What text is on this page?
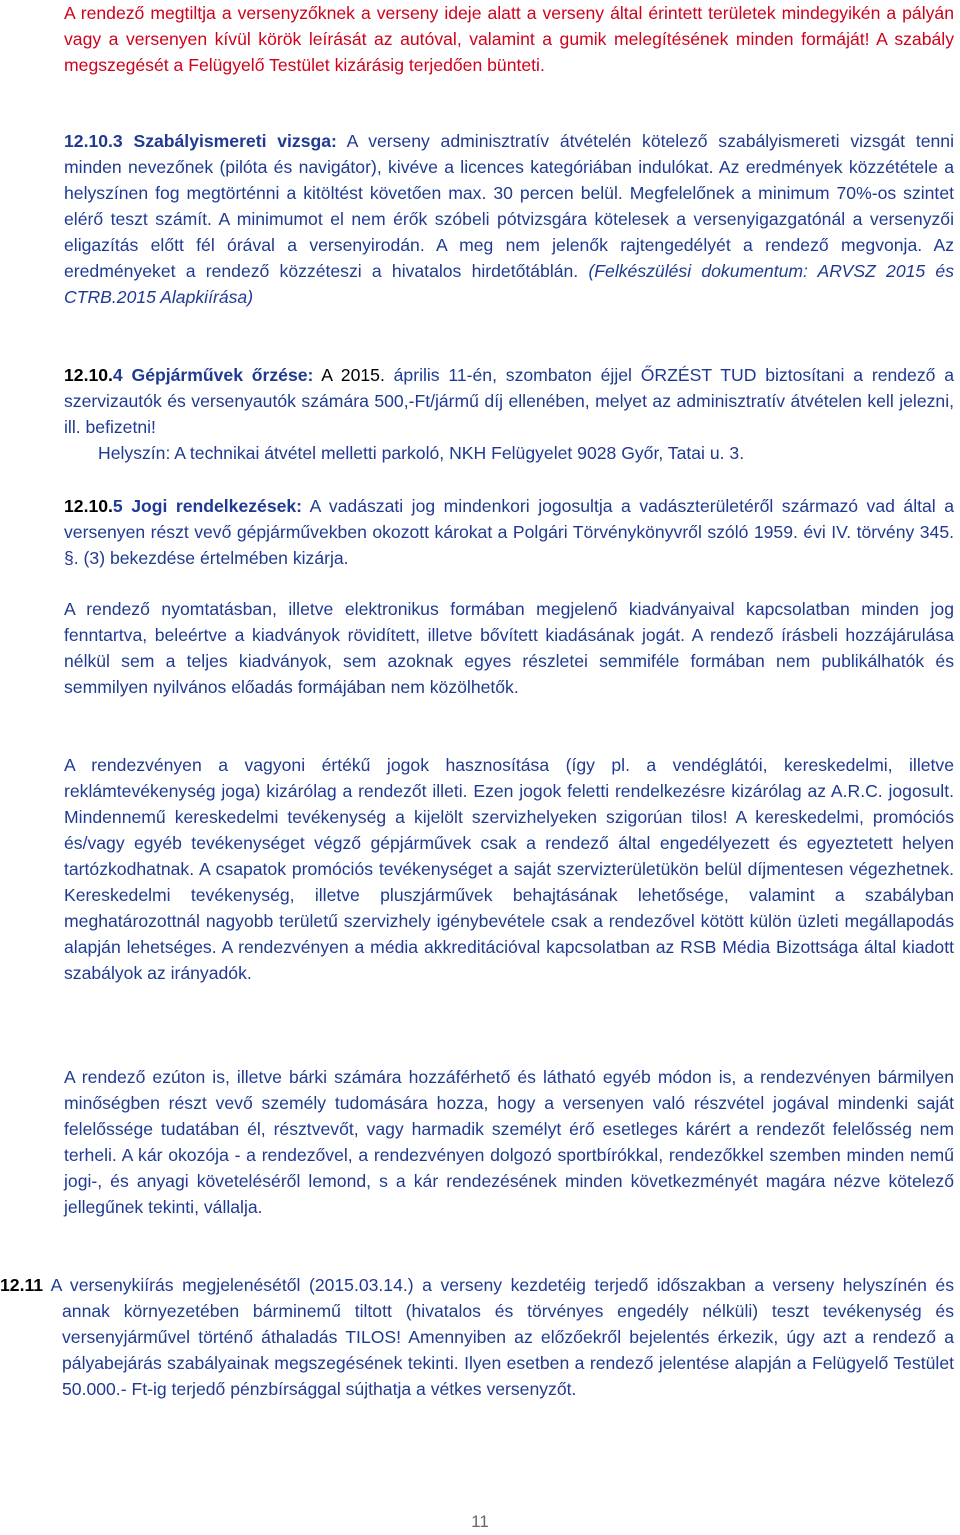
A rendező megtiltja a versenyzőknek a verseny ideje alatt a verseny által érintett területek mindegyikén a pályán vagy a versenyen kívül körök leírását az autóval, valamint a gumik melegítésének minden formáját! A szabály megszegését a Felügyelő Testület kizárásig terjedően bünteti.

12.10.3 Szabályismereti vizsga: A verseny adminisztratív átvételén kötelező szabályismereti vizsgát tenni minden nevezőnek (pilóta és navigátor), kivéve a licences kategóriában indulókat. Az eredmények közzététele a helyszínen fog megtörténni a kitöltést követően max. 30 percen belül. Megfelelőnek a minimum 70%-os szintet elérő teszt számít. A minimumot el nem érők szóbeli pótvizsgára kötelesek a versenyigazgatónál a versenyzői eligazítás előtt fél órával a versenyirodán. A meg nem jelenők rajtengedélyét a rendező megvonja. Az eredményeket a rendező közzéteszi a hivatalos hirdetőtáblán. (Felkészülési dokumentum: ARVSZ 2015 és CTRB.2015 Alapkiírása)

12.10.4 Gépjárművek őrzése: A 2015. április 11-én, szombaton éjjel ŐRZÉST TUD biztosítani a rendező a szervizautók és versenyautók számára 500,-Ft/jármű díj ellenében, melyet az adminisztratív átvételen kell jelezni, ill. befizetni!

Helyszín: A technikai átvétel melletti parkoló, NKH Felügyelet 9028 Győr, Tatai u. 3.

12.10.5 Jogi rendelkezések: A vadászati jog mindenkori jogosultja a vadászterületéről származó vad által a versenyen részt vevő gépjárművekben okozott károkat a Polgári Törvénykönyvről szóló 1959. évi IV. törvény 345. §. (3) bekezdése értelmében kizárja.

A rendező nyomtatásban, illetve elektronikus formában megjelenő kiadványaival kapcsolatban minden jog fenntartva, beleértve a kiadványok rövidített, illetve bővített kiadásának jogát. A rendező írásbeli hozzájárulása nélkül sem a teljes kiadványok, sem azoknak egyes részletei semmiféle formában nem publikálhatók és semmilyen nyilvános előadás formájában nem közölhetők.

A rendezvényen a vagyoni értékű jogok hasznosítása (így pl. a vendéglátói, kereskedelmi, illetve reklámtevékenység joga) kizárólag a rendezőt illeti. Ezen jogok feletti rendelkezésre kizárólag az A.R.C. jogosult. Mindennemű kereskedelmi tevékenység a kijelölt szervizhelyeken szigorúan tilos! A kereskedelmi, promóciós és/vagy egyéb tevékenységet végző gépjárművek csak a rendező által engedélyezett és egyeztetett helyen tartózkodhatnak. A csapatok promóciós tevékenységet a saját szervizterületükön belül díjmentesen végezhetnek. Kereskedelmi tevékenység, illetve pluszjárművek behajtásának lehetősége, valamint a szabályban meghatározottnál nagyobb területű szervizhely igénybevétele csak a rendezővel kötött külön üzleti megállapodás alapján lehetséges. A rendezvényen a média akkreditációval kapcsolatban az RSB Média Bizottsága által kiadott szabályok az irányadók.

A rendező ezúton is, illetve bárki számára hozzáférhető és látható egyéb módon is, a rendezvényen bármilyen minőségben részt vevő személy tudomására hozza, hogy a versenyen való részvétel jogával mindenki saját felelőssége tudatában él, résztvevőt, vagy harmadik személyt érő esetleges kárért a rendezőt felelősség nem terheli. A kár okozója - a rendezővel, a rendezvényen dolgozó sportbírókkal, rendezőkkel szemben minden nemű jogi-, és anyagi követeléséről lemond, s a kár rendezésének minden következményét magára nézve kötelező jellegűnek tekinti, vállalja.

12.11 A versenykiírás megjelenésétől (2015.03.14.) a verseny kezdetéig terjedő időszakban a verseny helyszínén és annak környezetében bárminemű tiltott (hivatalos és törvényes engedély nélküli) teszt tevékenység és versenyjárművel történő áthaladás TILOS! Amennyiben az előzőekről bejelentés érkezik, úgy azt a rendező a pályabejárás szabályainak megszegésének tekinti. Ilyen esetben a rendező jelentése alapján a Felügyelő Testület 50.000.- Ft-ig terjedő pénzbírsággal sújthatja a vétkes versenyzőt.

11
